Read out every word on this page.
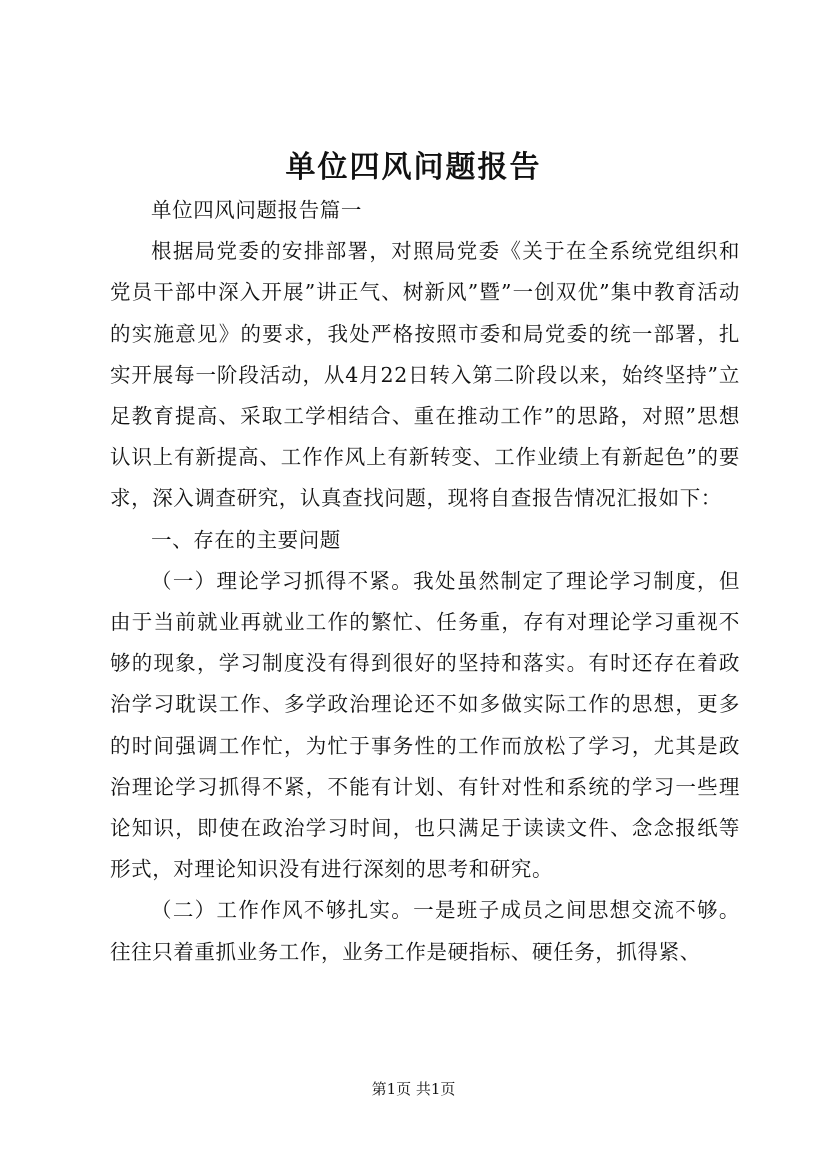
单位四风问题报告

单位四风问题报告篇一

根据局党委的安排部署，对照局党委《关于在全系统党组织和党员干部中深入开展”讲正气、树新风”暨”一创双优”集中教育活动的实施意见》的要求，我处严格按照市委和局党委的统一部署，扎实开展每一阶段活动，从4月22日转入第二阶段以来，始终坚持”立足教育提高、采取工学相结合、重在推动工作”的思路，对照”思想认识上有新提高、工作作风上有新转变、工作业绩上有新起色”的要求，深入调查研究，认真查找问题，现将自查报告情况汇报如下：

一、存在的主要问题

（一）理论学习抓得不紧。我处虽然制定了理论学习制度，但由于当前就业再就业工作的繁忙、任务重，存有对理论学习重视不够的现象，学习制度没有得到很好的坚持和落实。有时还存在着政治学习耽误工作、多学政治理论还不如多做实际工作的思想，更多的时间强调工作忙，为忙于事务性的工作而放松了学习，尤其是政治理论学习抓得不紧，不能有计划、有针对性和系统的学习一些理论知识，即使在政治学习时间，也只满足于读读文件、念念报纸等形式，对理论知识没有进行深刻的思考和研究。

（二）工作作风不够扎实。一是班子成员之间思想交流不够。往往只着重抓业务工作，业务工作是硬指标、硬任务，抓得紧、

第1页 共1页
